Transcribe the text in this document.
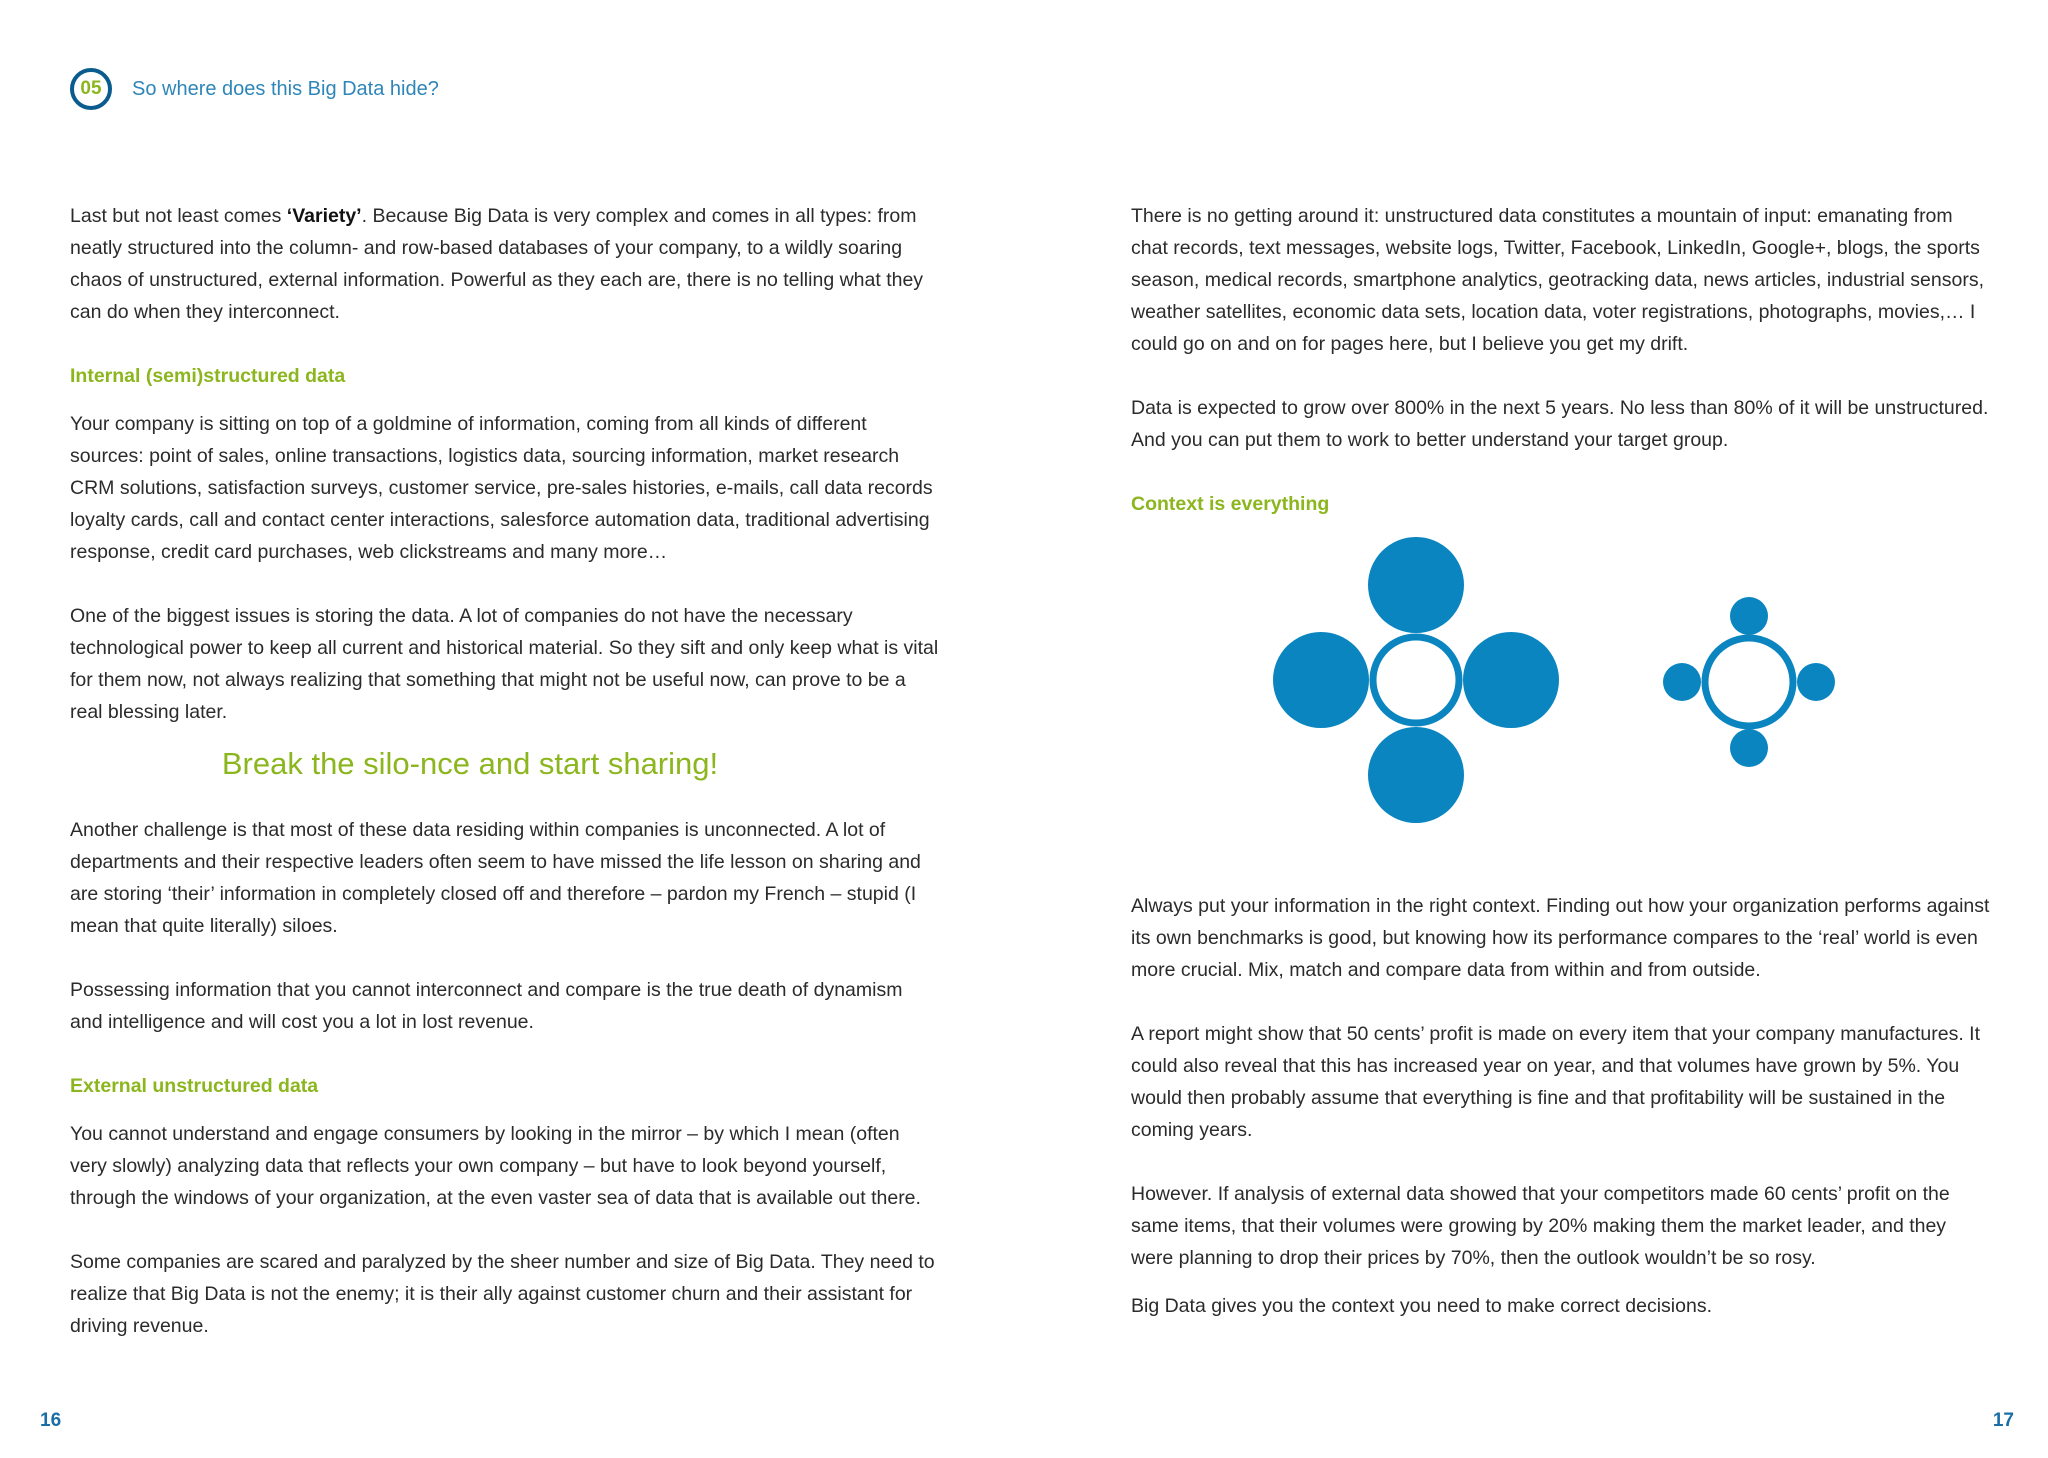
05	So where does this Big Data hide?

Last but not least comes ‘Variety’. Because Big Data is very complex and comes in all types: from neatly structured into the column- and row-based databases of your company, to a wildly soaring chaos of unstructured, external information. Powerful as they each are, there is no telling what they can do when they interconnect.

Internal (semi)structured data

Your company is sitting on top of a goldmine of information, coming from all kinds of different sources: point of sales, online transactions, logistics data, sourcing information, market research CRM solutions, satisfaction surveys, customer service, pre-sales histories, e-mails, call data records loyalty cards, call and contact center interactions, salesforce automation data, traditional advertising response, credit card purchases, web clickstreams and many more…

One of the biggest issues is storing the data. A lot of companies do not have the necessary technological power to keep all current and historical material. So they sift and only keep what is vital for them now, not always realizing that something that might not be useful now, can prove to be a real blessing later.

Break the silo-nce and start sharing!

Another challenge is that most of these data residing within companies is unconnected. A lot of departments and their respective leaders often seem to have missed the life lesson on sharing and are storing ‘their’ information in completely closed off and therefore – pardon my French – stupid (I mean that quite literally) siloes.

Possessing information that you cannot interconnect and compare is the true death of dynamism and intelligence and will cost you a lot in lost revenue.

External unstructured data

You cannot understand and engage consumers by looking in the mirror – by which I mean (often very slowly) analyzing data that reflects your own company – but have to look beyond yourself, through the windows of your organization, at the even vaster sea of data that is available out there.

Some companies are scared and paralyzed by the sheer number and size of Big Data. They need to realize that Big Data is not the enemy; it is their ally against customer churn and their assistant for driving revenue.

There is no getting around it: unstructured data constitutes a mountain of input: emanating from chat records, text messages, website logs, Twitter, Facebook, LinkedIn, Google+, blogs, the sports season, medical records, smartphone analytics, geotracking data, news articles, industrial sensors, weather satellites, economic data sets, location data, voter registrations, photographs, movies,… I could go on and on for pages here, but I believe you get my drift.

Data is expected to grow over 800% in the next 5 years. No less than 80% of it will be unstructured. And you can put them to work to better understand your target group.

Context is everything

Always put your information in the right context. Finding out how your organization performs against its own benchmarks is good, but knowing how its performance compares to the ‘real’ world is even more crucial. Mix, match and compare data from within and from outside.

A report might show that 50 cents’ profit is made on every item that your company manufactures. It could also reveal that this has increased year on year, and that volumes have grown by 5%. You would then probably assume that everything is fine and that profitability will be sustained in the coming years.

However. If analysis of external data showed that your competitors made 60 cents’ profit on the same items, that their volumes were growing by 20% making them the market leader, and they were planning to drop their prices by 70%, then the outlook wouldn’t be so rosy.

Big Data gives you the context you need to make correct decisions.

16	17
